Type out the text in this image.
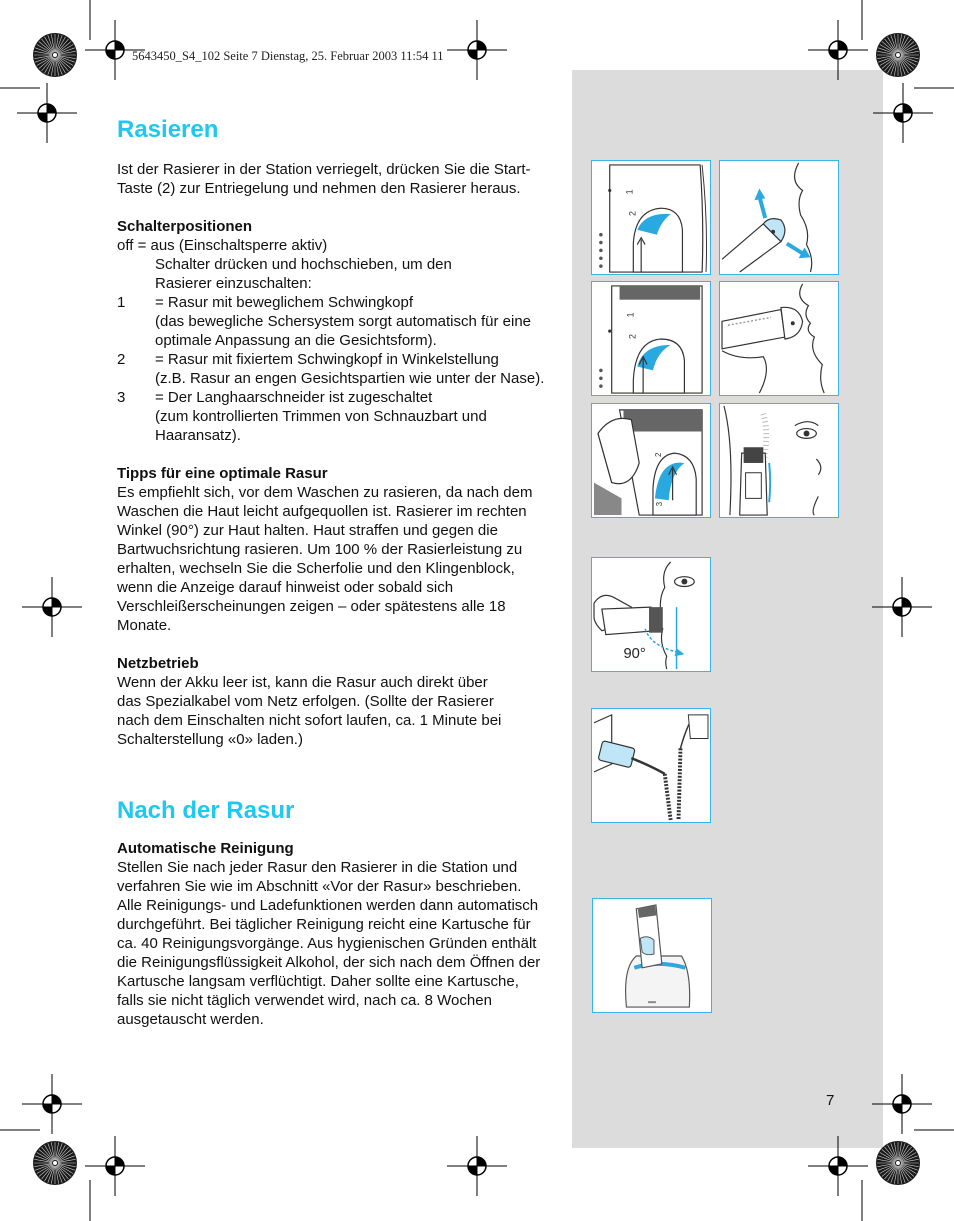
5643450_S4_102 Seite 7 Dienstag, 25. Februar 2003 11:54 11
Rasieren

Ist der Rasierer in der Station verriegelt, drücken Sie die Start-Taste (2) zur Entriegelung und nehmen den Rasierer heraus.

Schalterpositionen

off = aus (Einschaltsperre aktiv)

Schalter drücken und hochschieben, um den Rasierer einzuschalten:

1	= Rasur mit beweglichem Schwingkopf

(das bewegliche Schersystem sorgt automatisch für eine optimale Anpassung an die Gesichtsform).

2	= Rasur mit fixiertem Schwingkopf in Winkelstellung

(z.B. Rasur an engen Gesichtspartien wie unter der Nase).

3	= Der Langhaarschneider ist zugeschaltet

(zum kontrollierten Trimmen von Schnauzbart und Haaransatz).

Tipps für eine optimale Rasur

Es empfiehlt sich, vor dem Waschen zu rasieren, da nach dem Waschen die Haut leicht aufgequollen ist. Rasierer im rechten Winkel (90°) zur Haut halten. Haut straffen und gegen die Bartwuchsrichtung rasieren. Um 100 % der Rasierleistung zu erhalten, wechseln Sie die Scherfolie und den Klingenblock, wenn die Anzeige darauf hinweist oder sobald sich Verschleißerscheinungen zeigen – oder spätestens alle 18 Monate.

Netzbetrieb

Wenn der Akku leer ist, kann die Rasur auch direkt über das Spezialkabel vom Netz erfolgen. (Sollte der Rasierer nach dem Einschalten nicht sofort laufen, ca. 1 Minute bei Schalterstellung «0» laden.)

Nach der Rasur

Automatische Reinigung

Stellen Sie nach jeder Rasur den Rasierer in die Station und verfahren Sie wie im Abschnitt «Vor der Rasur» beschrieben. Alle Reinigungs- und Ladefunktionen werden dann automatisch durchgeführt. Bei täglicher Reinigung reicht eine Kartusche für ca. 40 Reinigungsvorgänge. Aus hygienischen Gründen enthält die Reinigungsflüssigkeit Alkohol, der sich nach dem Öffnen der Kartusche langsam verflüchtigt. Daher sollte eine Kartusche, falls sie nicht täglich verwendet wird, nach ca. 8 Wochen ausgetauscht werden.

1
2
1
2
2
3
90°
7
